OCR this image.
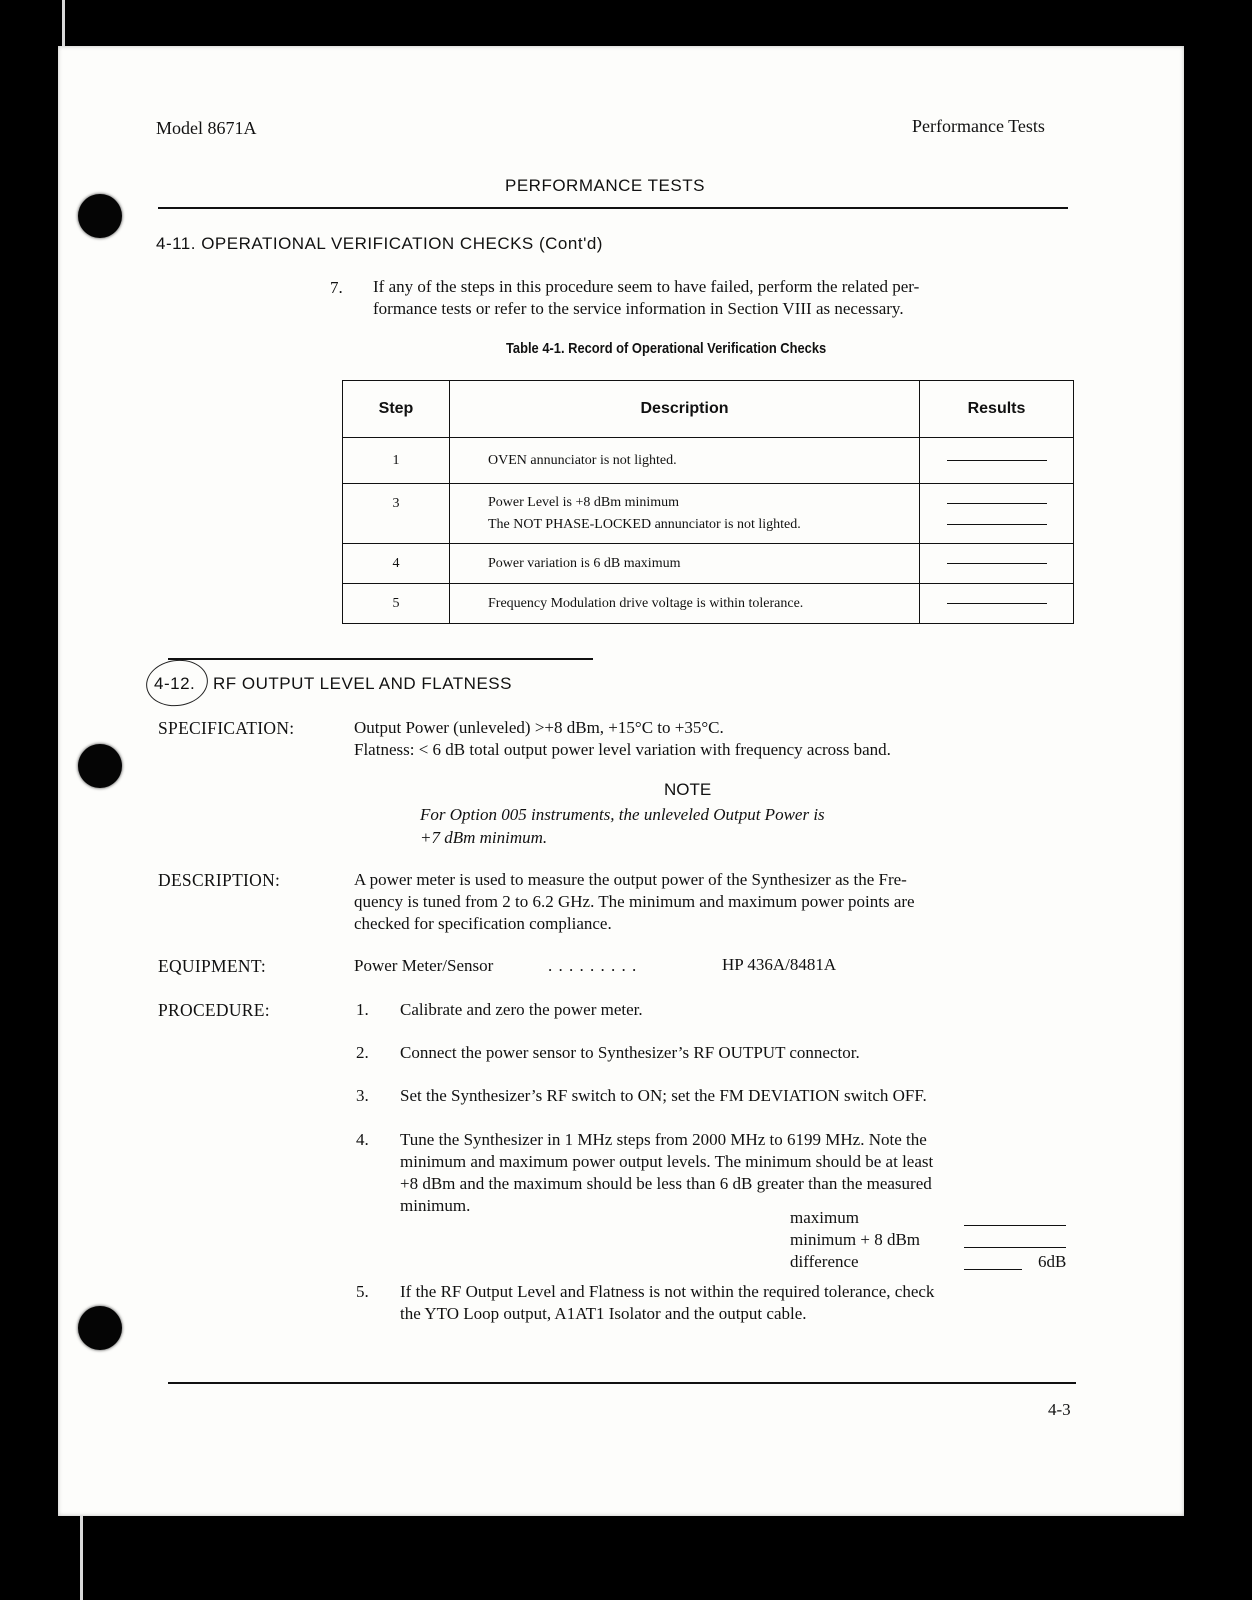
Model 8671A	Performance Tests
PERFORMANCE TESTS
4-11. OPERATIONAL VERIFICATION CHECKS (Cont'd)
7. If any of the steps in this procedure seem to have failed, perform the related per-
formance tests or refer to the service information in Section VIII as necessary.
Table 4-1. Record of Operational Verification Checks
Step	Description	Results
1	OVEN annunciator is not lighted.	

3	Power Level is +8 dBm minimum
The NOT PHASE-LOCKED annunciator is not lighted.	

4	Power variation is 6 dB maximum	

5	Frequency Modulation drive voltage is within tolerance.	

4-12. RF OUTPUT LEVEL AND FLATNESS
SPECIFICATION:	Output Power (unleveled) >+8 dBm, +15°C to +35°C.
Flatness: < 6 dB total output power level variation with frequency across band.
NOTE
For Option 005 instruments, the unleveled Output Power is
+7 dBm minimum.
DESCRIPTION:	A power meter is used to measure the output power of the Synthesizer as the Fre-
quency is tuned from 2 to 6.2 GHz. The minimum and maximum power points are
checked for specification compliance.
EQUIPMENT:	Power Meter/Sensor	. . . . . . . . .	HP 436A/8481A
PROCEDURE:	1. Calibrate and zero the power meter.
2. Connect the power sensor to Synthesizer’s RF OUTPUT connector.
3. Set the Synthesizer’s RF switch to ON; set the FM DEVIATION switch OFF.
4. Tune the Synthesizer in 1 MHz steps from 2000 MHz to 6199 MHz. Note the
minimum and maximum power output levels. The minimum should be at least
+8 dBm and the maximum should be less than 6 dB greater than the measured
minimum.
5. If the RF Output Level and Flatness is not within the required tolerance, check
the YTO Loop output, A1AT1 Isolator and the output cable.
maximum
minimum + 8 dBm
difference	6dB
4-3
